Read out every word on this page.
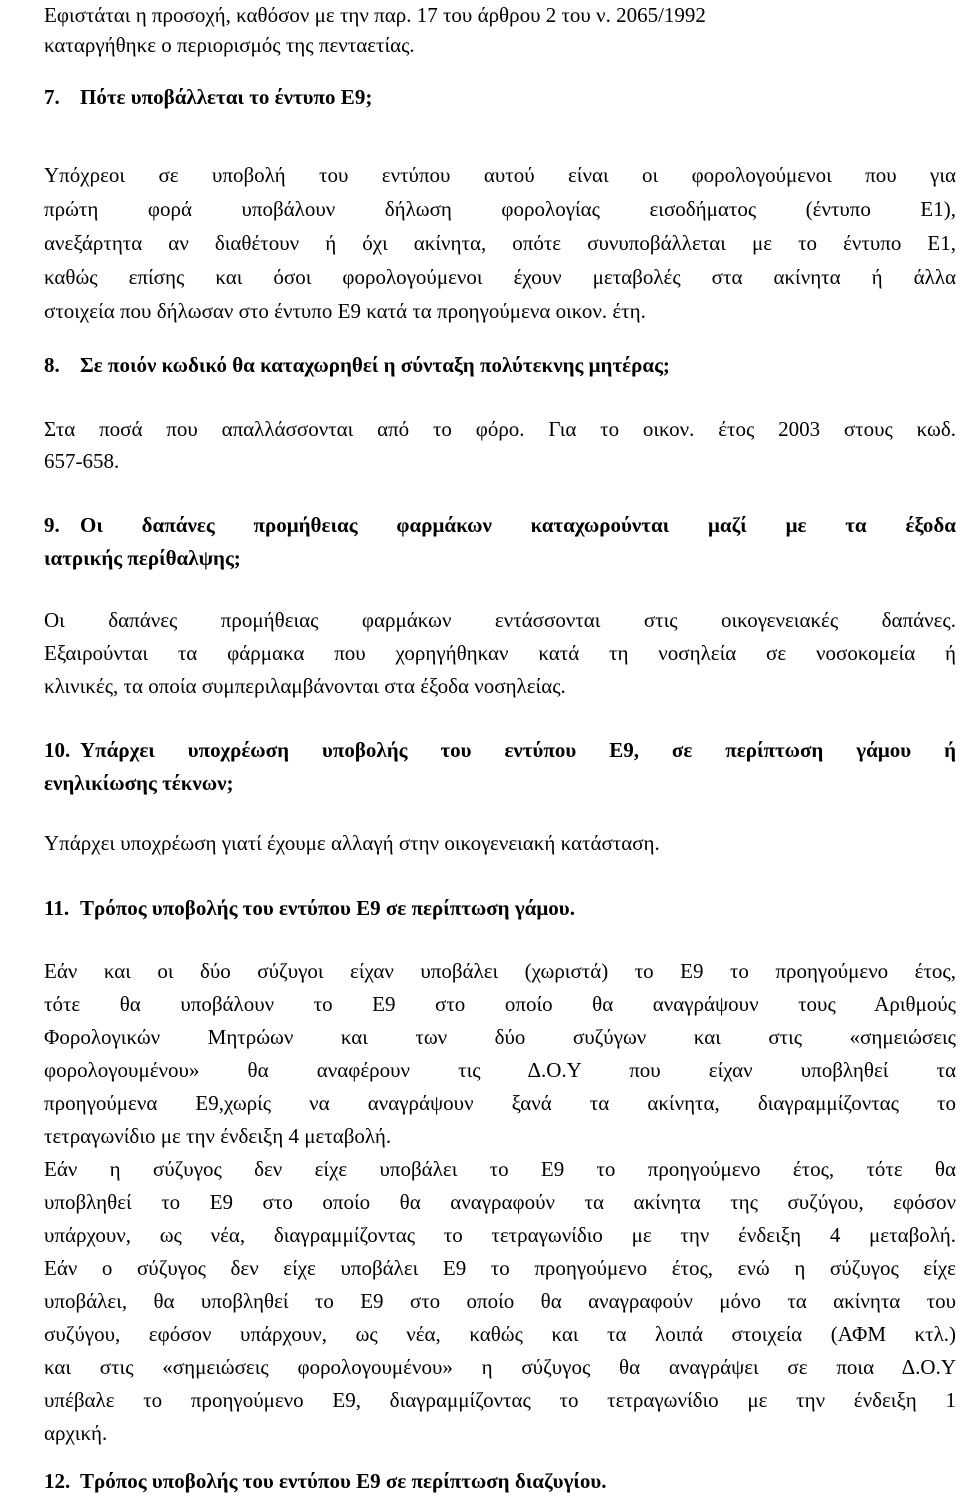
Εφιστάται η προσοχή, καθόσον με την παρ. 17 του άρθρου 2 του ν. 2065/1992
καταργήθηκε ο περιορισμός της πενταετίας.
7. Πότε υποβάλλεται το έντυπο Ε9;
Υπόχρεοι σε υποβολή του εντύπου αυτού είναι οι φορολογούμενοι που για
πρώτη φορά υποβάλουν δήλωση φορολογίας εισοδήματος (έντυπο Ε1),
ανεξάρτητα αν διαθέτουν ή όχι ακίνητα, οπότε συνυποβάλλεται με το έντυπο Ε1,
καθώς επίσης και όσοι φορολογούμενοι έχουν μεταβολές στα ακίνητα ή άλλα
στοιχεία που δήλωσαν στο έντυπο Ε9 κατά τα προηγούμενα οικον. έτη.
8. Σε ποιόν κωδικό θα καταχωρηθεί η σύνταξη πολύτεκνης μητέρας;
Στα ποσά που απαλλάσσονται από το φόρο. Για το οικον. έτος 2003 στους κωδ.
657-658.
9. Οι δαπάνες προμήθειας φαρμάκων καταχωρούνται μαζί με τα έξοδα
ιατρικής περίθαλψης;
Οι δαπάνες προμήθειας φαρμάκων εντάσσονται στις οικογενειακές δαπάνες.
Εξαιρούνται τα φάρμακα που χορηγήθηκαν κατά τη νοσηλεία σε νοσοκομεία ή
κλινικές, τα οποία συμπεριλαμβάνονται στα έξοδα νοσηλείας.
10. Υπάρχει υποχρέωση υποβολής του εντύπου Ε9, σε περίπτωση γάμου ή
ενηλικίωσης τέκνων;
Υπάρχει υποχρέωση γιατί έχουμε αλλαγή στην οικογενειακή κατάσταση.
11. Τρόπος υποβολής του εντύπου Ε9 σε περίπτωση γάμου.
Εάν και οι δύο σύζυγοι είχαν υποβάλει (χωριστά) το Ε9 το προηγούμενο έτος,
τότε θα υποβάλουν το Ε9 στο οποίο θα αναγράψουν τους Αριθμούς
Φορολογικών Μητρώων και των δύο συζύγων και στις «σημειώσεις
φορολογουμένου» θα αναφέρουν τις Δ.Ο.Υ που είχαν υποβληθεί τα
προηγούμενα Ε9,χωρίς να αναγράψουν ξανά τα ακίνητα, διαγραμμίζοντας το
τετραγωνίδιο με την ένδειξη 4 μεταβολή.
Εάν η σύζυγος δεν είχε υποβάλει το Ε9 το προηγούμενο έτος, τότε θα
υποβληθεί το Ε9 στο οποίο θα αναγραφούν τα ακίνητα της συζύγου, εφόσον
υπάρχουν, ως νέα, διαγραμμίζοντας το τετραγωνίδιο με την ένδειξη 4 μεταβολή.
Εάν ο σύζυγος δεν είχε υποβάλει Ε9 το προηγούμενο έτος, ενώ η σύζυγος είχε
υποβάλει, θα υποβληθεί το Ε9 στο οποίο θα αναγραφούν μόνο τα ακίνητα του
συζύγου, εφόσον υπάρχουν, ως νέα, καθώς και τα λοιπά στοιχεία (ΑΦΜ κτλ.)
και στις «σημειώσεις φορολογουμένου» η σύζυγος θα αναγράψει σε ποια Δ.Ο.Υ
υπέβαλε το προηγούμενο Ε9, διαγραμμίζοντας το τετραγωνίδιο με την ένδειξη 1
αρχική.
12. Τρόπος υποβολής του εντύπου Ε9 σε περίπτωση διαζυγίου.
